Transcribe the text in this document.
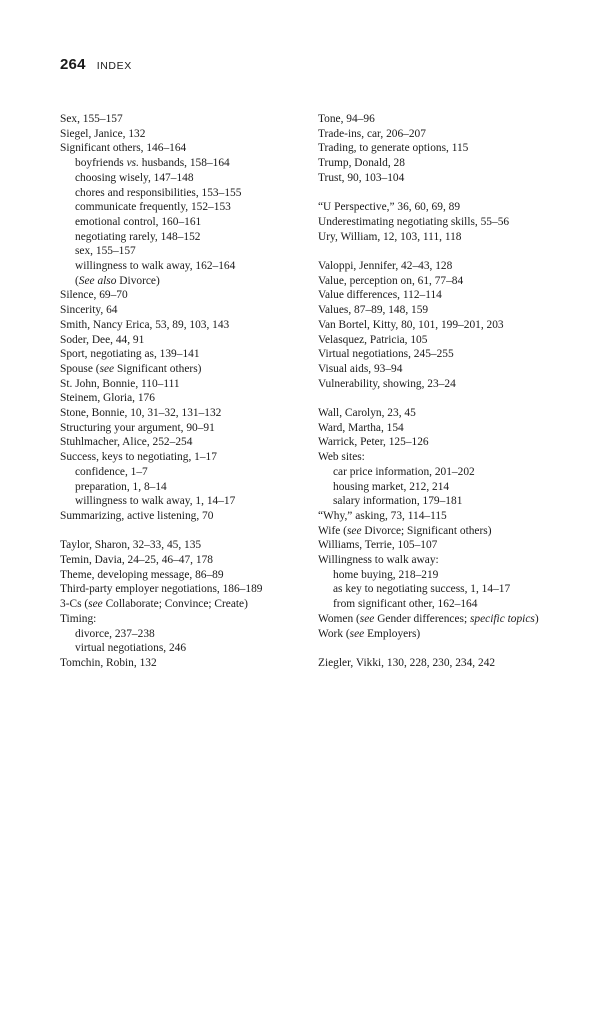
264 INDEX
Sex, 155–157
Siegel, Janice, 132
Significant others, 146–164
boyfriends vs. husbands, 158–164
choosing wisely, 147–148
chores and responsibilities, 153–155
communicate frequently, 152–153
emotional control, 160–161
negotiating rarely, 148–152
sex, 155–157
willingness to walk away, 162–164
(See also Divorce)
Silence, 69–70
Sincerity, 64
Smith, Nancy Erica, 53, 89, 103, 143
Soder, Dee, 44, 91
Sport, negotiating as, 139–141
Spouse (see Significant others)
St. John, Bonnie, 110–111
Steinem, Gloria, 176
Stone, Bonnie, 10, 31–32, 131–132
Structuring your argument, 90–91
Stuhlmacher, Alice, 252–254
Success, keys to negotiating, 1–17
confidence, 1–7
preparation, 1, 8–14
willingness to walk away, 1, 14–17
Summarizing, active listening, 70
Taylor, Sharon, 32–33, 45, 135
Temin, Davia, 24–25, 46–47, 178
Theme, developing message, 86–89
Third-party employer negotiations, 186–189
3-Cs (see Collaborate; Convince; Create)
Timing:
divorce, 237–238
virtual negotiations, 246
Tomchin, Robin, 132
Tone, 94–96
Trade-ins, car, 206–207
Trading, to generate options, 115
Trump, Donald, 28
Trust, 90, 103–104
“U Perspective,” 36, 60, 69, 89
Underestimating negotiating skills, 55–56
Ury, William, 12, 103, 111, 118
Valoppi, Jennifer, 42–43, 128
Value, perception on, 61, 77–84
Value differences, 112–114
Values, 87–89, 148, 159
Van Bortel, Kitty, 80, 101, 199–201, 203
Velasquez, Patricia, 105
Virtual negotiations, 245–255
Visual aids, 93–94
Vulnerability, showing, 23–24
Wall, Carolyn, 23, 45
Ward, Martha, 154
Warrick, Peter, 125–126
Web sites:
car price information, 201–202
housing market, 212, 214
salary information, 179–181
“Why,” asking, 73, 114–115
Wife (see Divorce; Significant others)
Williams, Terrie, 105–107
Willingness to walk away:
home buying, 218–219
as key to negotiating success, 1, 14–17
from significant other, 162–164
Women (see Gender differences; specific topics)
Work (see Employers)
Ziegler, Vikki, 130, 228, 230, 234, 242
